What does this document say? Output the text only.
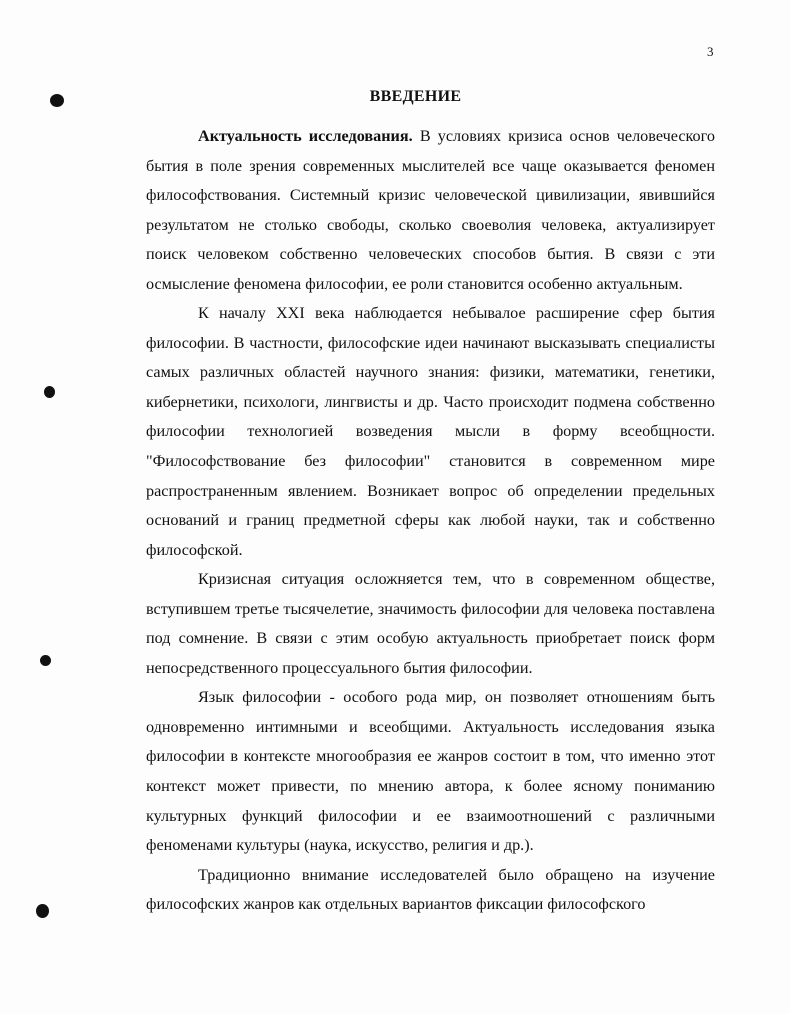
3
ВВЕДЕНИЕ

Актуальность исследования. В условиях кризиса основ человеческого бытия в поле зрения современных мыслителей все чаще оказывается феномен философствования. Системный кризис человеческой цивилизации, явившийся результатом не столько свободы, сколько своеволия человека, актуализирует поиск человеком собственно человеческих способов бытия. В связи с эти осмысление феномена философии, ее роли становится особенно актуальным.

К началу XXI века наблюдается небывалое расширение сфер бытия философии. В частности, философские идеи начинают высказывать специалисты самых различных областей научного знания: физики, математики, генетики, кибернетики, психологи, лингвисты и др. Часто происходит подмена собственно философии технологией возведения мысли в форму всеобщности. "Философствование без философии" становится в современном мире распространенным явлением. Возникает вопрос об определении предельных оснований и границ предметной сферы как любой науки, так и собственно философской.

Кризисная ситуация осложняется тем, что в современном обществе, вступившем третье тысячелетие, значимость философии для человека поставлена под сомнение. В связи с этим особую актуальность приобретает поиск форм непосредственного процессуального бытия философии.

Язык философии - особого рода мир, он позволяет отношениям быть одновременно интимными и всеобщими. Актуальность исследования языка философии в контексте многообразия ее жанров состоит в том, что именно этот контекст может привести, по мнению автора, к более ясному пониманию культурных функций философии и ее взаимоотношений с различными феноменами культуры (наука, искусство, религия и др.).

Традиционно внимание исследователей было обращено на изучение философских жанров как отдельных вариантов фиксации философского
